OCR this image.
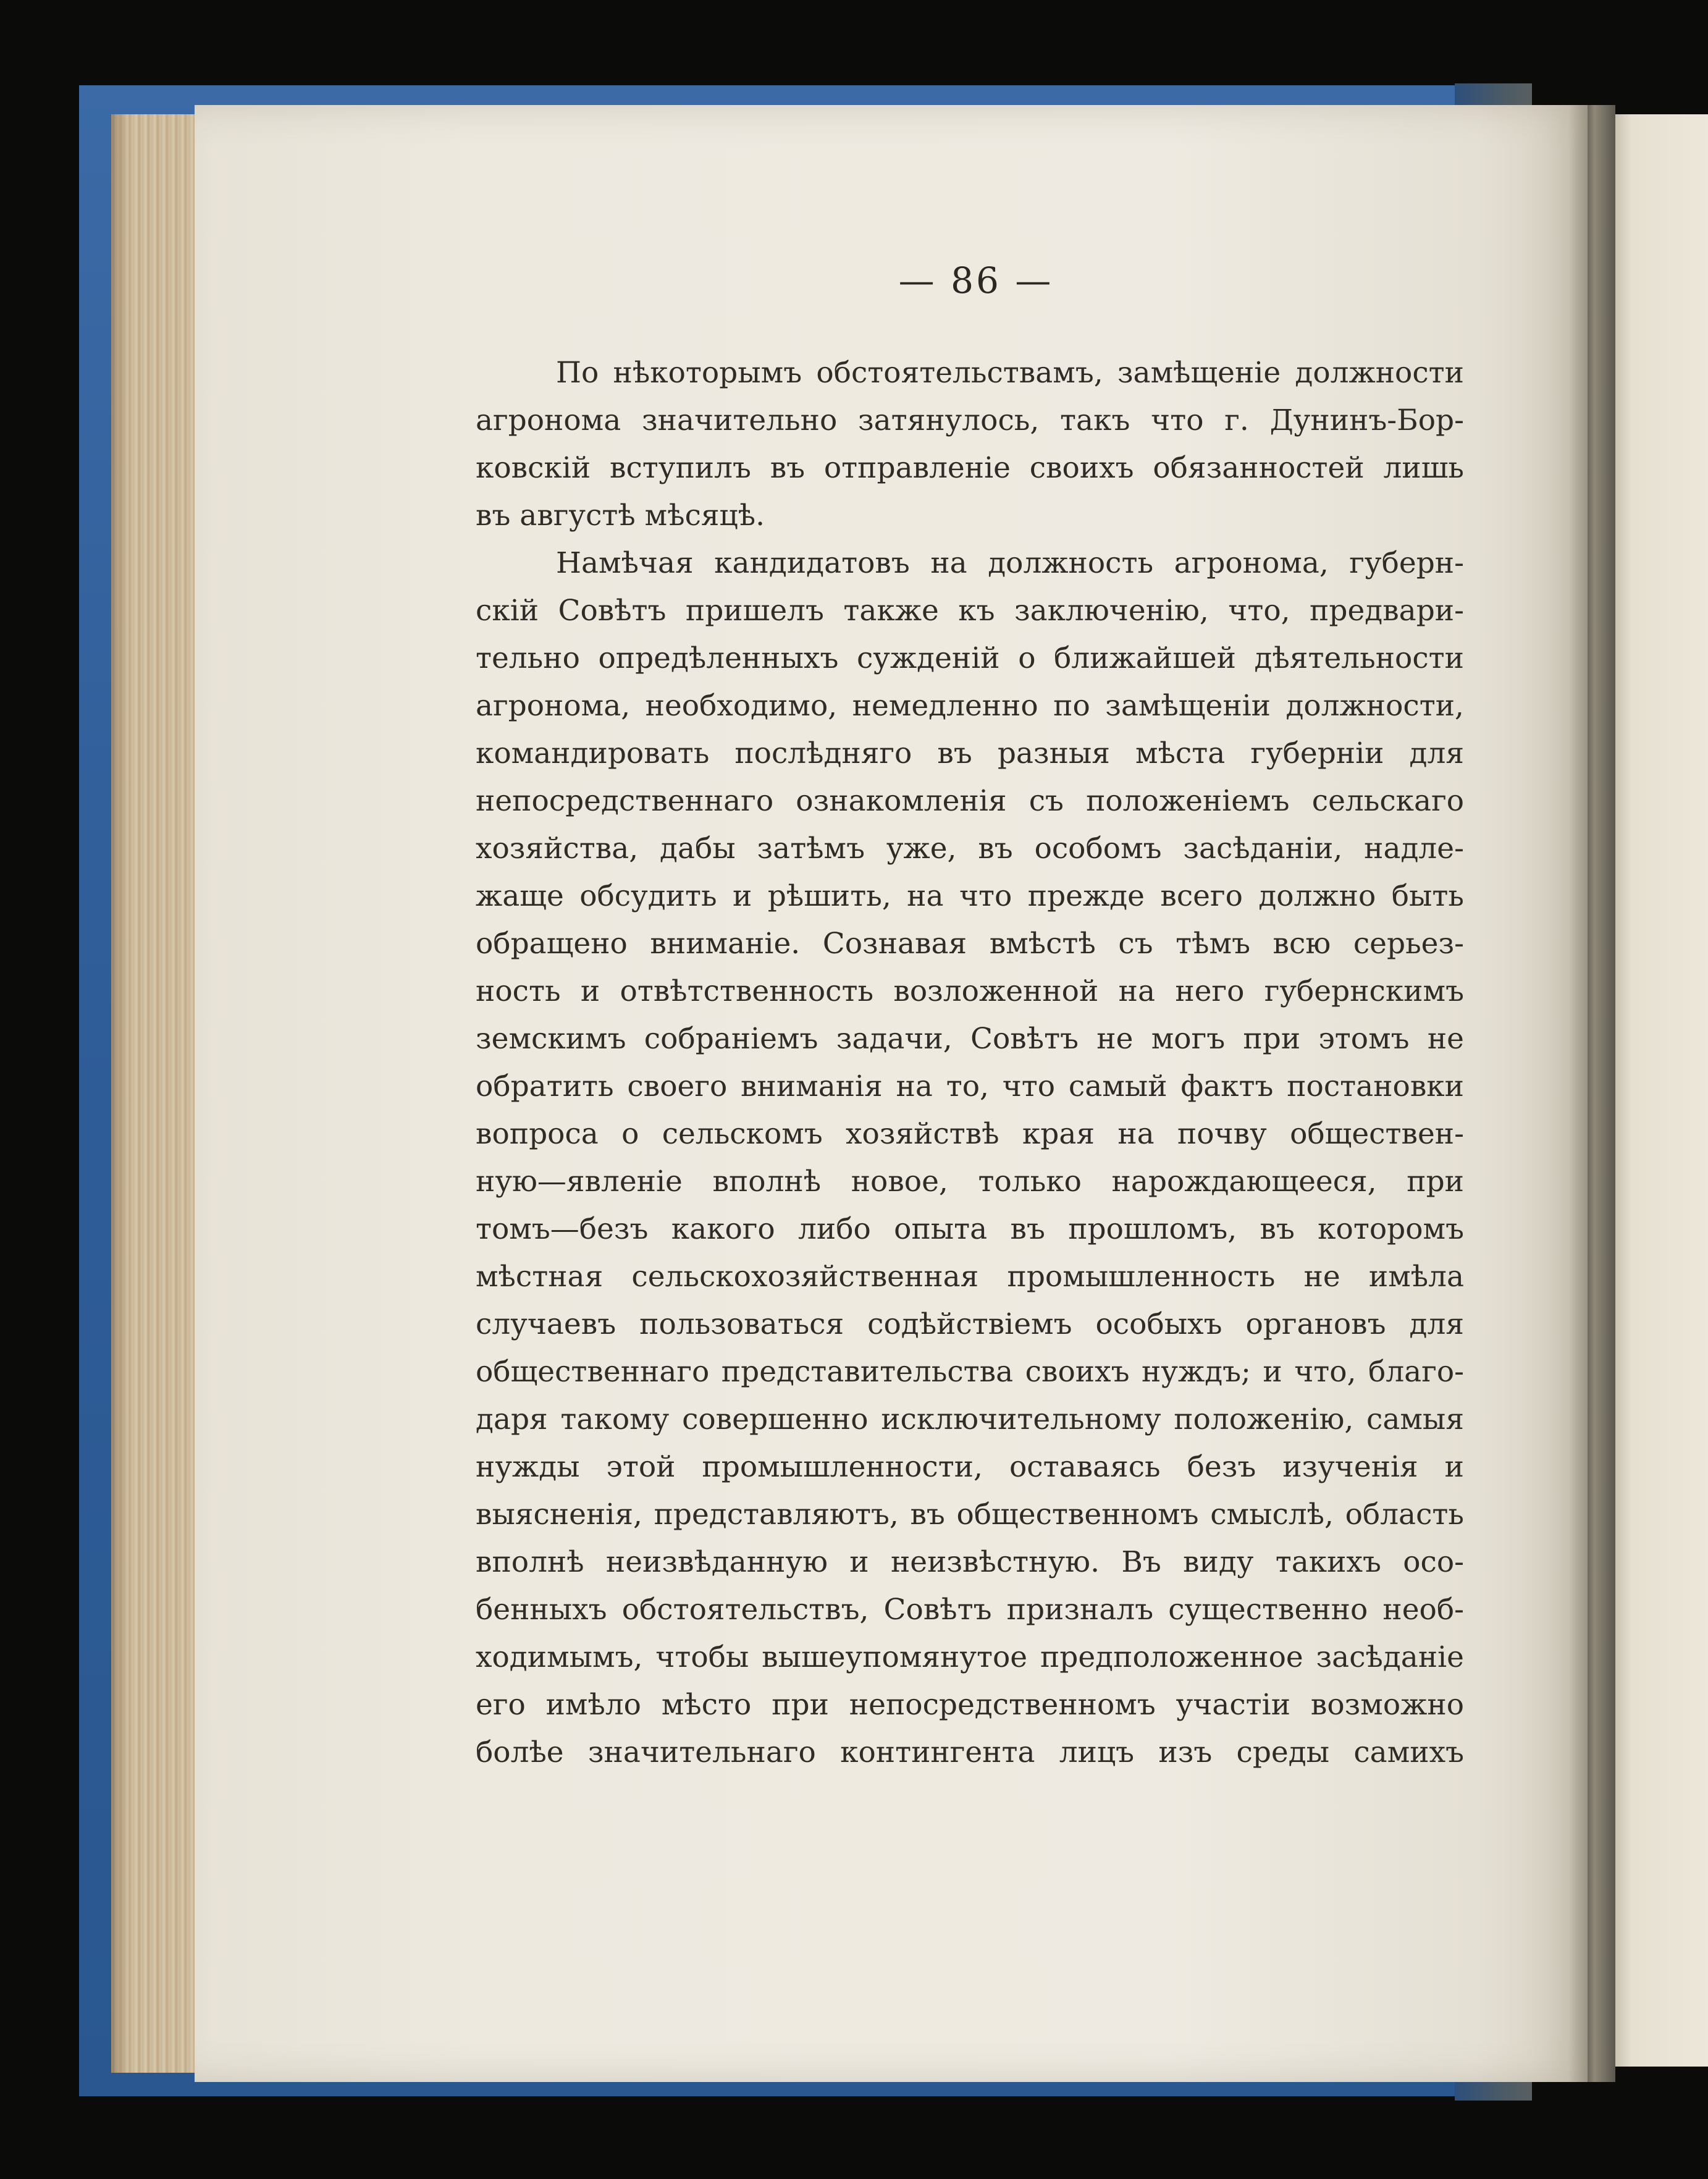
— 86 —
По нѣкоторымъ обстоятельствамъ, замѣщеніе должности
агронома значительно затянулось, такъ что г. Дунинъ-Бор-
ковскій вступилъ въ отправленіе своихъ обязанностей лишь
въ августѣ мѣсяцѣ.
Намѣчая кандидатовъ на должность агронома, губерн-
скій Совѣтъ пришелъ также къ заключенію, что, предвари-
тельно опредѣленныхъ сужденій о ближайшей дѣятельности
агронома, необходимо, немедленно по замѣщеніи должности,
командировать послѣдняго въ разныя мѣста губерніи для
непосредственнаго ознакомленія съ положеніемъ сельскаго
хозяйства, дабы затѣмъ уже, въ особомъ засѣданіи, надле-
жаще обсудить и рѣшить, на что прежде всего должно быть
обращено вниманіе. Сознавая вмѣстѣ съ тѣмъ всю серьез-
ность и отвѣтственность возложенной на него губернскимъ
земскимъ собраніемъ задачи, Совѣтъ не могъ при этомъ не
обратить своего вниманія на то, что самый фактъ постановки
вопроса о сельскомъ хозяйствѣ края на почву обществен-
ную—явленіе вполнѣ новое, только нарождающееся, при
томъ—безъ какого либо опыта въ прошломъ, въ которомъ
мѣстная сельскохозяйственная промышленность не имѣла
случаевъ пользоваться содѣйствіемъ особыхъ органовъ для
общественнаго представительства своихъ нуждъ; и что, благо-
даря такому совершенно исключительному положенію, самыя
нужды этой промышленности, оставаясь безъ изученія и
выясненія, представляютъ, въ общественномъ смыслѣ, область
вполнѣ неизвѣданную и неизвѣстную. Въ виду такихъ осо-
бенныхъ обстоятельствъ, Совѣтъ призналъ существенно необ-
ходимымъ, чтобы вышеупомянутое предположенное засѣданіе
его имѣло мѣсто при непосредственномъ участіи возможно
болѣе значительнаго контингента лицъ изъ среды самихъ
